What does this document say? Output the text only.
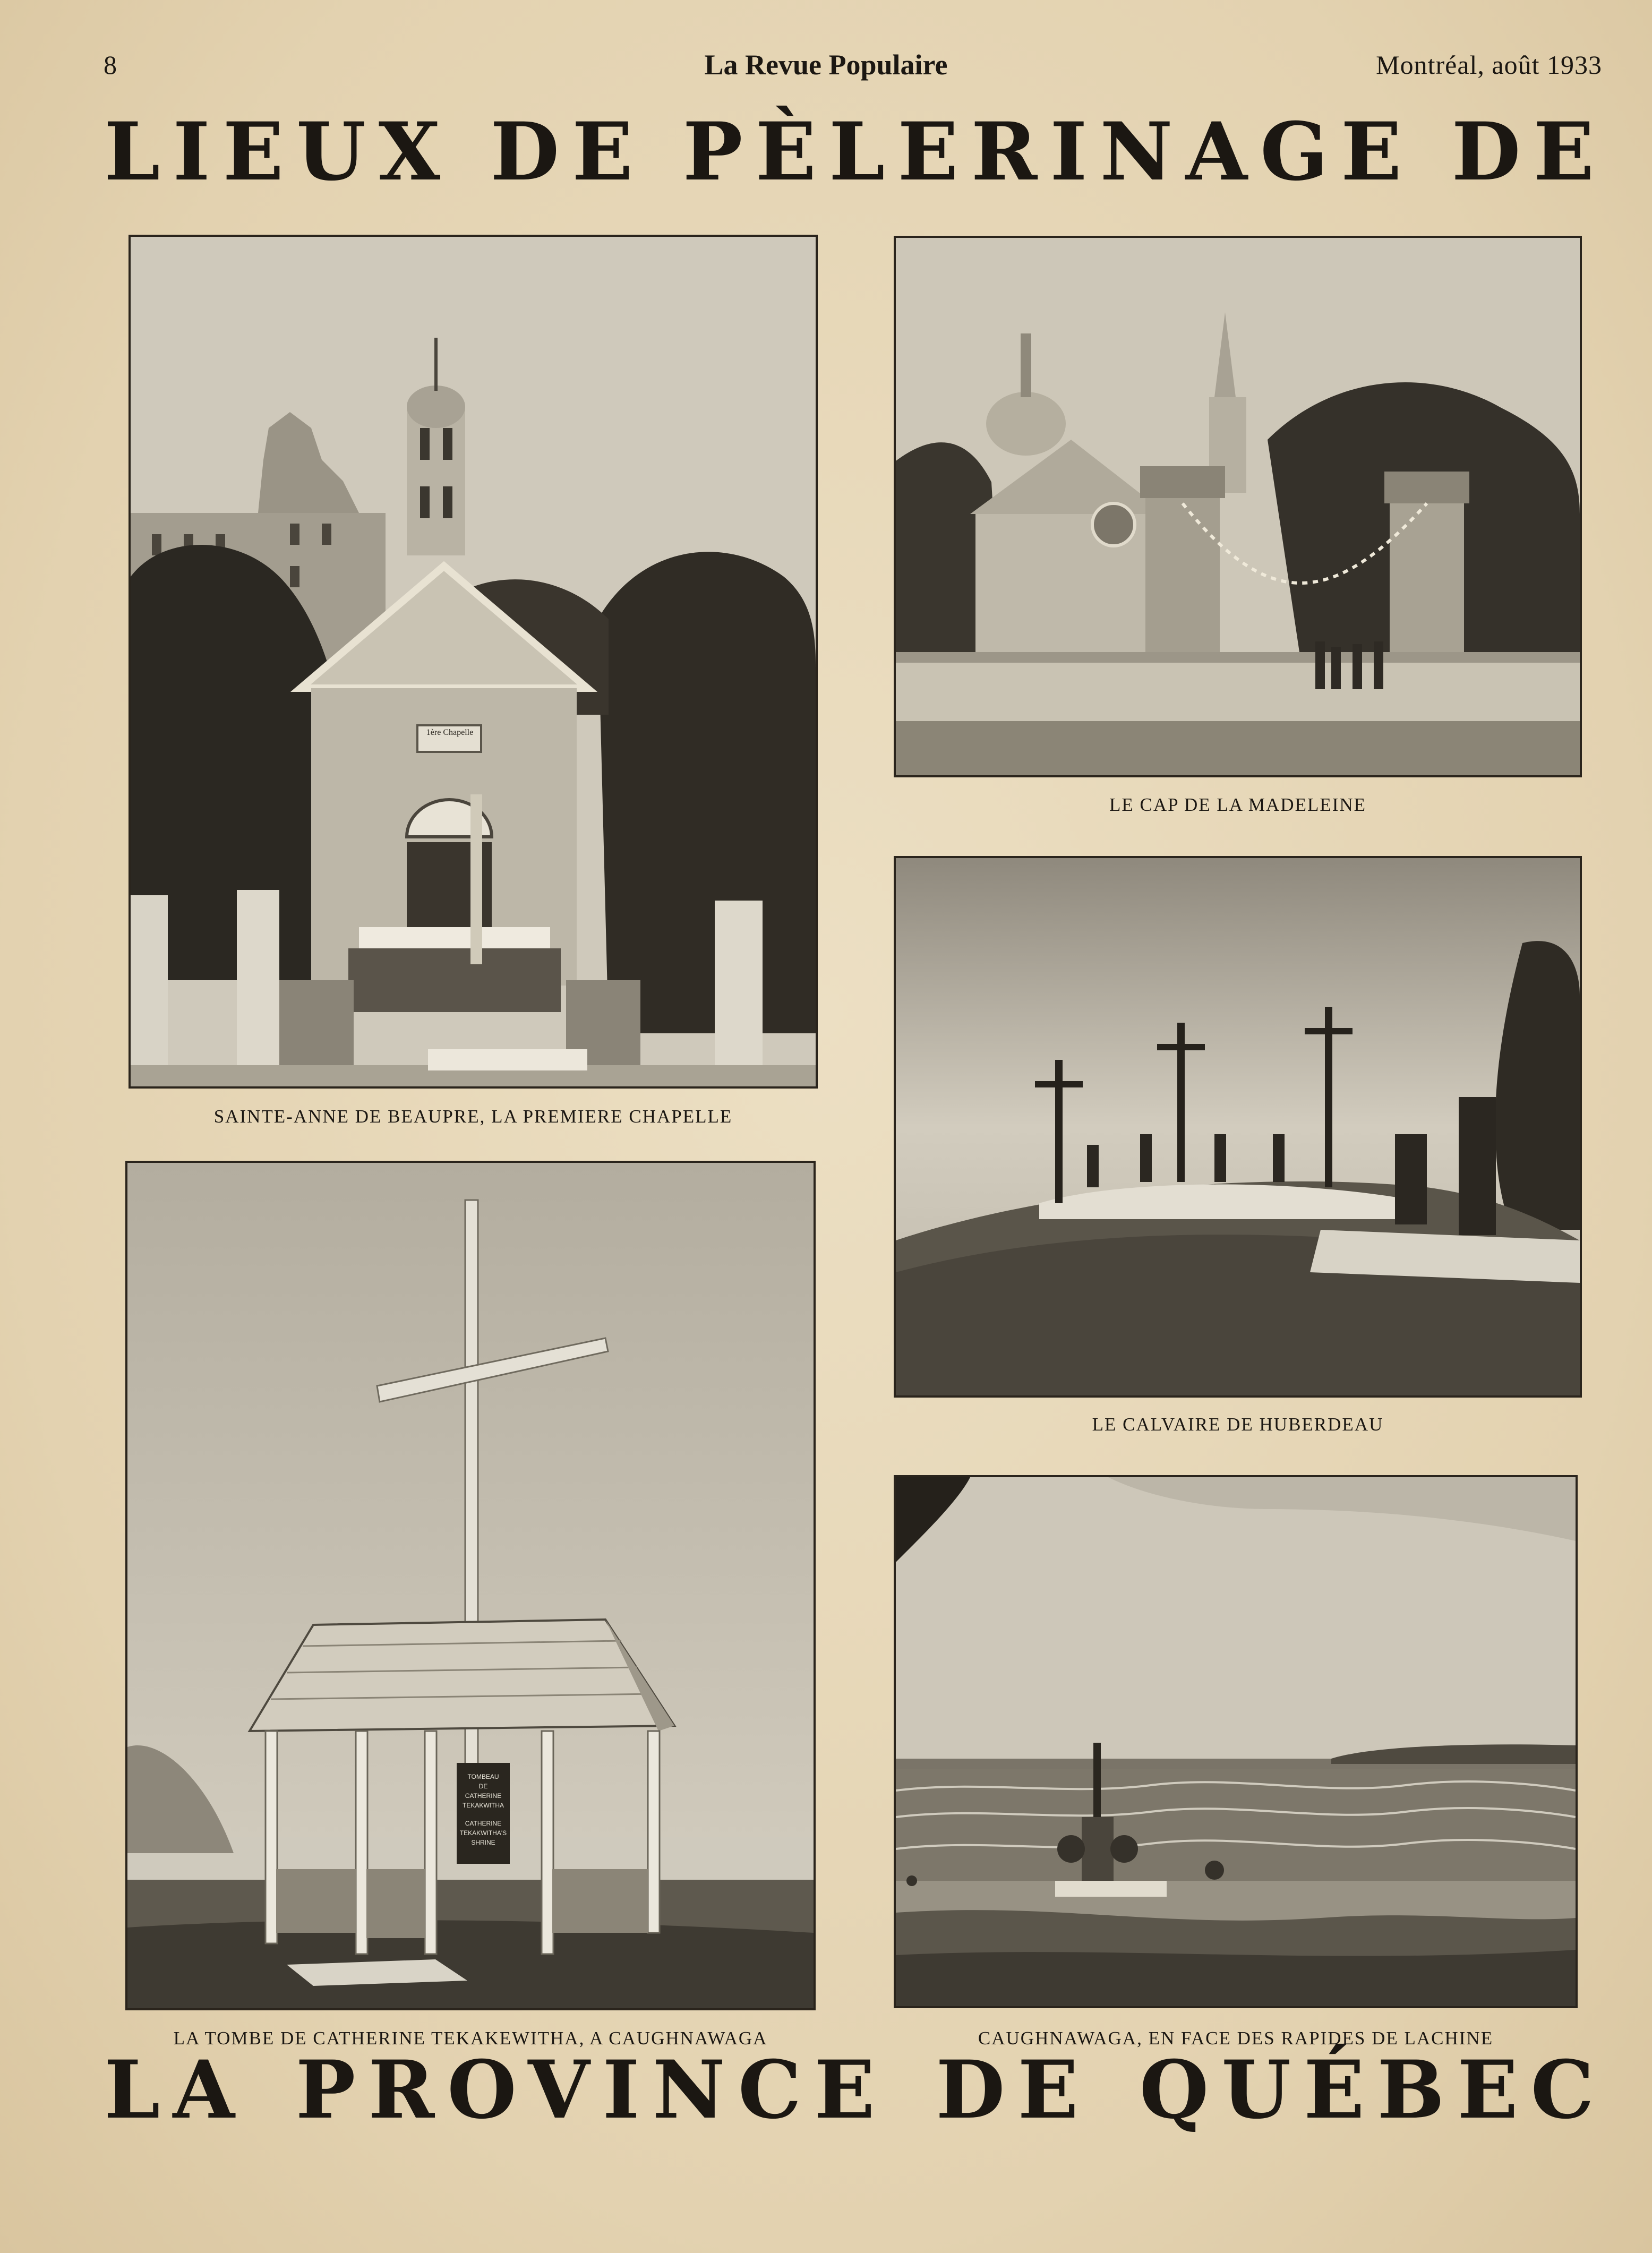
8	La Revue Populaire	Montréal, août 1933
LIEUX DE PÈLERINAGE DE
SAINTE-ANNE DE BEAUPRE, LA PREMIERE CHAPELLE
LE CAP DE LA MADELEINE
LE CALVAIRE DE HUBERDEAU
TOMBEAU
DE
CATHERINE
TEKAKWITHA
CATHERINE
TEKAKWITHA'S
SHRINE
LA TOMBE DE CATHERINE TEKAKEWITHA, A CAUGHNAWAGA	CAUGHNAWAGA, EN FACE DES RAPIDES DE LACHINE
LA PROVINCE DE QUÉBEC
1ère Chapelle
